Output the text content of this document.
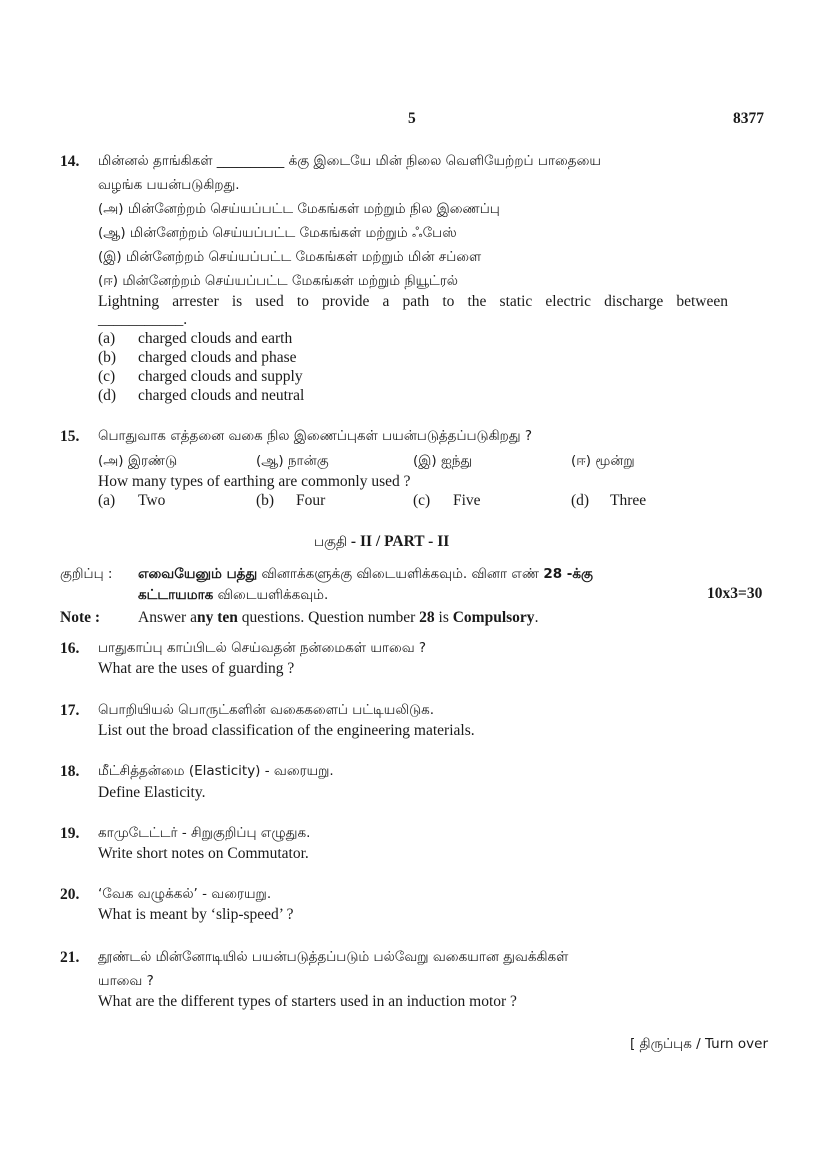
5	8377
14. மின்னல் தாங்கிகள் __________ க்கு இடையே மின் நிலை வெளியேற்றப் பாதையை
வழங்க பயன்படுகிறது.
(அ) மின்னேற்றம் செய்யப்பட்ட மேகங்கள் மற்றும் நில இணைப்பு
(ஆ) மின்னேற்றம் செய்யப்பட்ட மேகங்கள் மற்றும் ஃபேஸ்
(இ) மின்னேற்றம் செய்யப்பட்ட மேகங்கள் மற்றும் மின் சப்ளை
(ஈ) மின்னேற்றம் செய்யப்பட்ட மேகங்கள் மற்றும் நியூட்ரல்
Lightning arrester is used to provide a path to the static electric discharge between
___________.
(a) charged clouds and earth
(b) charged clouds and phase
(c) charged clouds and supply
(d) charged clouds and neutral
15. பொதுவாக எத்தனை வகை நில இணைப்புகள் பயன்படுத்தப்படுகிறது ?
(அ) இரண்டு	(ஆ) நான்கு	(இ) ஐந்து	(ஈ) மூன்று
How many types of earthing are commonly used ?
(a) Two	(b) Four	(c) Five	(d) Three
பகுதி - II / PART - II
குறிப்பு : எவையேனும் பத்து வினாக்களுக்கு விடையளிக்கவும். வினா எண் 28 -க்கு
கட்டாயமாக விடையளிக்கவும்.	10x3=30
Note : Answer any ten questions. Question number 28 is Compulsory.
16. பாதுகாப்பு காப்பிடல் செய்வதன் நன்மைகள் யாவை ?
What are the uses of guarding ?
17. பொறியியல் பொருட்களின் வகைகளைப் பட்டியலிடுக.
List out the broad classification of the engineering materials.
18. மீட்சித்தன்மை (Elasticity) - வரையறு.
Define Elasticity.
19. காமுடேட்டர் - சிறுகுறிப்பு எழுதுக.
Write short notes on Commutator.
20. ‘வேக வழுக்கல்’ - வரையறு.
What is meant by ‘slip-speed’ ?
21. தூண்டல் மின்னோடியில் பயன்படுத்தப்படும் பல்வேறு வகையான துவக்கிகள்
யாவை ?
What are the different types of starters used in an induction motor ?
[ திருப்புக / Turn over
